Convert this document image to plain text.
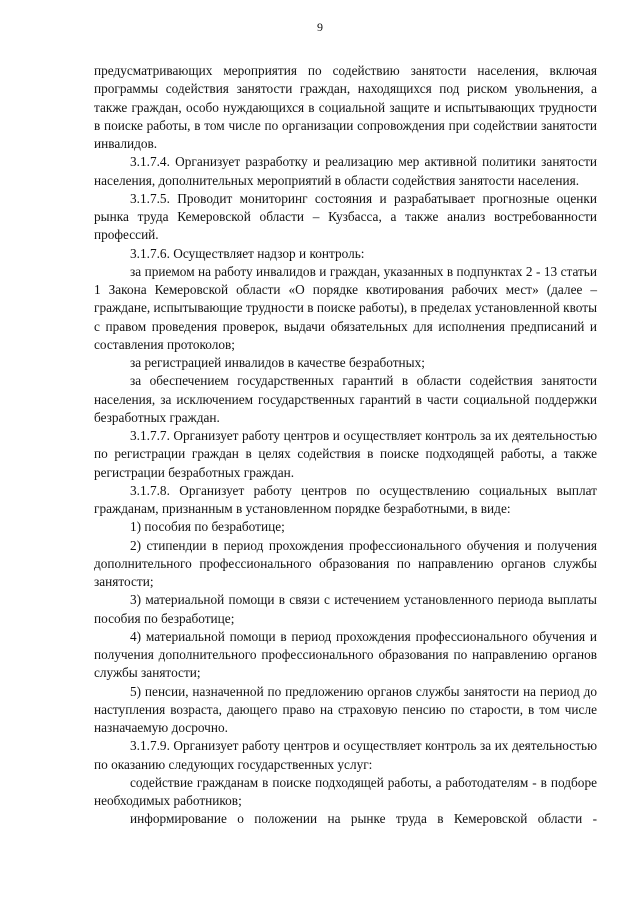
9

предусматривающих мероприятия по содействию занятости населения, включая программы содействия занятости граждан, находящихся под риском увольнения, а также граждан, особо нуждающихся в социальной защите и испытывающих трудности в поиске работы, в том числе по организации сопровождения при содействии занятости инвалидов.

3.1.7.4. Организует разработку и реализацию мер активной политики занятости населения, дополнительных мероприятий в области содействия занятости населения.

3.1.7.5. Проводит мониторинг состояния и разрабатывает прогнозные оценки рынка труда Кемеровской области – Кузбасса, а также анализ востребованности профессий.

3.1.7.6. Осуществляет надзор и контроль:

за приемом на работу инвалидов и граждан, указанных в подпунктах 2 - 13 статьи 1 Закона Кемеровской области «О порядке квотирования рабочих мест» (далее – граждане, испытывающие трудности в поиске работы), в пределах установленной квоты с правом проведения проверок, выдачи обязательных для исполнения предписаний и составления протоколов;

за регистрацией инвалидов в качестве безработных;

за обеспечением государственных гарантий в области содействия занятости населения, за исключением государственных гарантий в части социальной поддержки безработных граждан.

3.1.7.7. Организует работу центров и осуществляет контроль за их деятельностью по регистрации граждан в целях содействия в поиске подходящей работы, а также регистрации безработных граждан.

3.1.7.8. Организует работу центров по осуществлению социальных выплат гражданам, признанным в установленном порядке безработными, в виде:

1) пособия по безработице;

2) стипендии в период прохождения профессионального обучения и получения дополнительного профессионального образования по направлению органов службы занятости;

3) материальной помощи в связи с истечением установленного периода выплаты пособия по безработице;

4) материальной помощи в период прохождения профессионального обучения и получения дополнительного профессионального образования по направлению органов службы занятости;

5) пенсии, назначенной по предложению органов службы занятости на период до наступления возраста, дающего право на страховую пенсию по старости, в том числе назначаемую досрочно.

3.1.7.9. Организует работу центров и осуществляет контроль за их деятельностью по оказанию следующих государственных услуг:

содействие гражданам в поиске подходящей работы, а работодателям - в подборе необходимых работников;

информирование о положении на рынке труда в Кемеровской области -
